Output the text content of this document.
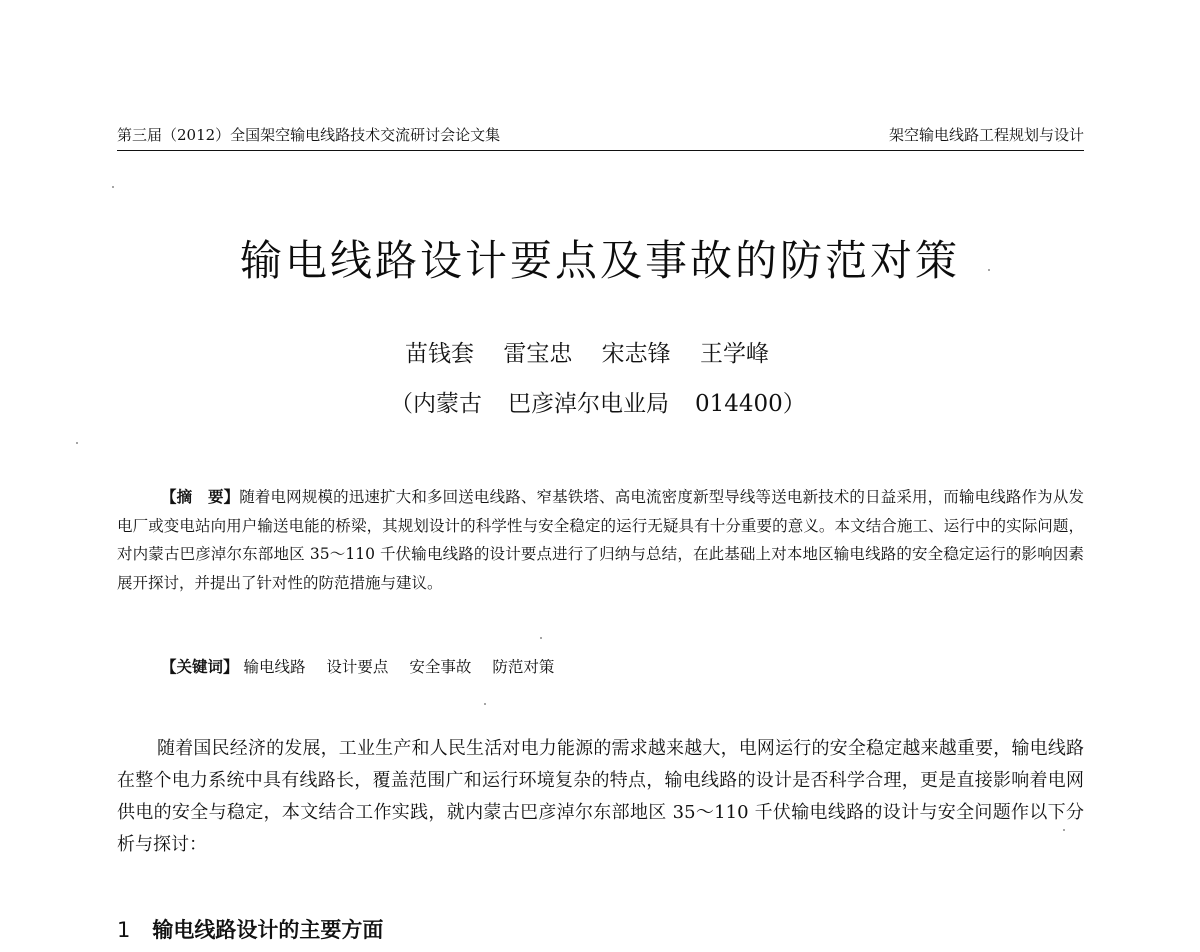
第三届（2012）全国架空输电线路技术交流研讨会论文集	架空输电线路工程规划与设计
输电线路设计要点及事故的防范对策
苗钱套 雷宝忠 宋志锋 王学峰
（内蒙古 巴彦淖尔电业局 014400）
【摘　要】随着电网规模的迅速扩大和多回送电线路、窄基铁塔、高电流密度新型导线等送电新技术的日益采用，而输电线路作为从发电厂或变电站向用户输送电能的桥梁，其规划设计的科学性与安全稳定的运行无疑具有十分重要的意义。本文结合施工、运行中的实际问题，对内蒙古巴彦淖尔东部地区 35～110 千伏输电线路的设计要点进行了归纳与总结，在此基础上对本地区输电线路的安全稳定运行的影响因素展开探讨，并提出了针对性的防范措施与建议。
【关键词】 输电线路 设计要点 安全事故 防范对策
随着国民经济的发展，工业生产和人民生活对电力能源的需求越来越大，电网运行的安全稳定越来越重要，输电线路在整个电力系统中具有线路长，覆盖范围广和运行环境复杂的特点，输电线路的设计是否科学合理，更是直接影响着电网供电的安全与稳定，本文结合工作实践，就内蒙古巴彦淖尔东部地区 35～110 千伏输电线路的设计与安全问题作以下分析与探讨：
1 输电线路设计的主要方面
